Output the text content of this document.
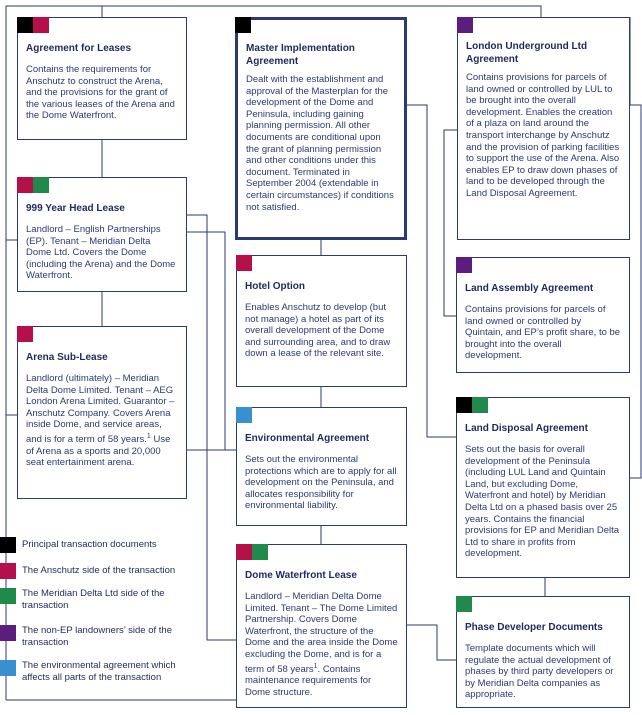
Agreement for Leases

Contains the requirements for Anschutz to construct the Arena, and the provisions for the grant of the various leases of the Arena and the Dome Waterfront.

999 Year Head Lease

Landlord – English Partnerships (EP). Tenant – Meridian Delta Dome Ltd. Covers the Dome (including the Arena) and the Dome Waterfront.

Arena Sub-Lease

Landlord (ultimately) – Meridian Delta Dome Limited. Tenant – AEG London Arena Limited. Guarantor – Anschutz Company. Covers Arena inside Dome, and service areas, and is for a term of 58 years.$^1$ Use of Arena as a sports and 20,000 seat entertainment arena.

Master Implementation Agreement

Dealt with the establishment and approval of the Masterplan for the development of the Dome and Peninsula, including gaining planning permission. All other documents are conditional upon the grant of planning permission and other conditions under this document. Terminated in September 2004 (extendable in certain circumstances) if conditions not satisfied.

Hotel Option

Enables Anschutz to develop (but not manage) a hotel as part of its overall development of the Dome and surrounding area, and to draw down a lease of the relevant site.

Environmental Agreement

Sets out the environmental protections which are to apply for all development on the Peninsula, and allocates responsibility for environmental liability.

Dome Waterfront Lease

Landlord – Meridian Delta Dome Limited. Tenant – The Dome Limited Partnership. Covers Dome Waterfront, the structure of the Dome and the area inside the Dome excluding the Dome, and is for a term of 58 years$^1$. Contains maintenance requirements for Dome structure.

London Underground Ltd Agreement

Contains provisions for parcels of land owned or controlled by LUL to be brought into the overall development. Enables the creation of a plaza on land around the transport interchange by Anschutz and the provision of parking facilities to support the use of the Arena. Also enables EP to draw down phases of land to be developed through the Land Disposal Agreement.

Land Assembly Agreement

Contains provisions for parcels of land owned or controlled by Quintain, and EP’s profit share, to be brought into the overall development.

Land Disposal Agreement

Sets out the basis for overall development of the Peninsula (including LUL Land and Quintain Land, but excluding Dome, Waterfront and hotel) by Meridian Delta Ltd on a phased basis over 25 years. Contains the financial provisions for EP and Meridian Delta Ltd to share in profits from development.

Phase Developer Documents

Template documents which will regulate the actual development of phases by third party developers or by Meridian Delta companies as appropriate.

Principal transaction documents
The Anschutz side of the transaction
The Meridian Delta Ltd side of the transaction
The non-EP landowners’ side of the transaction
The environmental agreement which affects all parts of the transaction
